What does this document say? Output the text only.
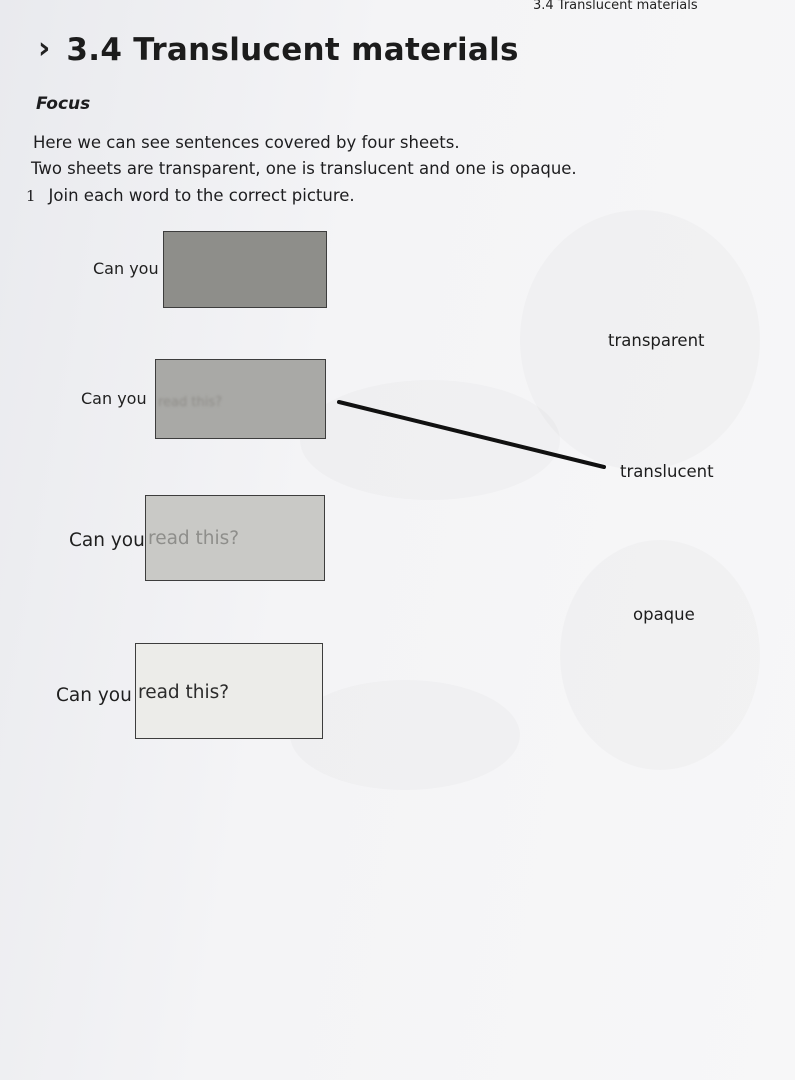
3.4 Translucent materials
› 3.4 Translucent materials
Focus
Here we can see sentences covered by four sheets.
Two sheets are transparent, one is translucent and one is opaque.
1 Join each word to the correct picture.
Can you
Can you read this?
Can you read this?
Can you read this?
transparent
translucent
opaque
